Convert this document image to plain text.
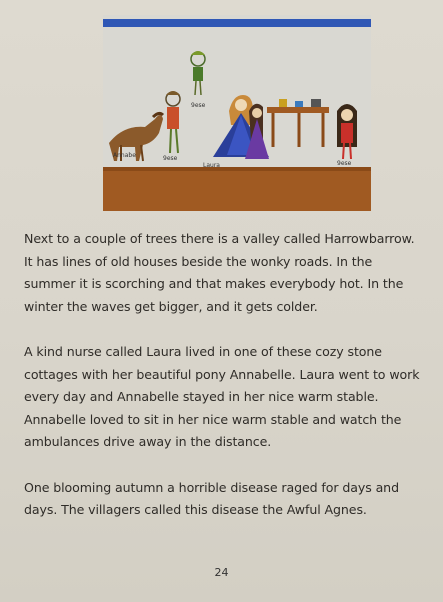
Annabe	9ese
9ese
Laura	9ese

Next to a couple of trees there is a valley called Harrowbarrow. It has lines of old houses beside the wonky roads. In the summer it is scorching and that makes everybody hot. In the winter the waves get bigger, and it gets colder.

A kind nurse called Laura lived in one of these cozy stone cottages with her beautiful pony Annabelle. Laura went to work every day and Annabelle stayed in her nice warm stable. Annabelle loved to sit in her nice warm stable and watch the ambulances drive away in the distance.

One blooming autumn a horrible disease raged for days and days. The villagers called this disease the Awful Agnes.

24
